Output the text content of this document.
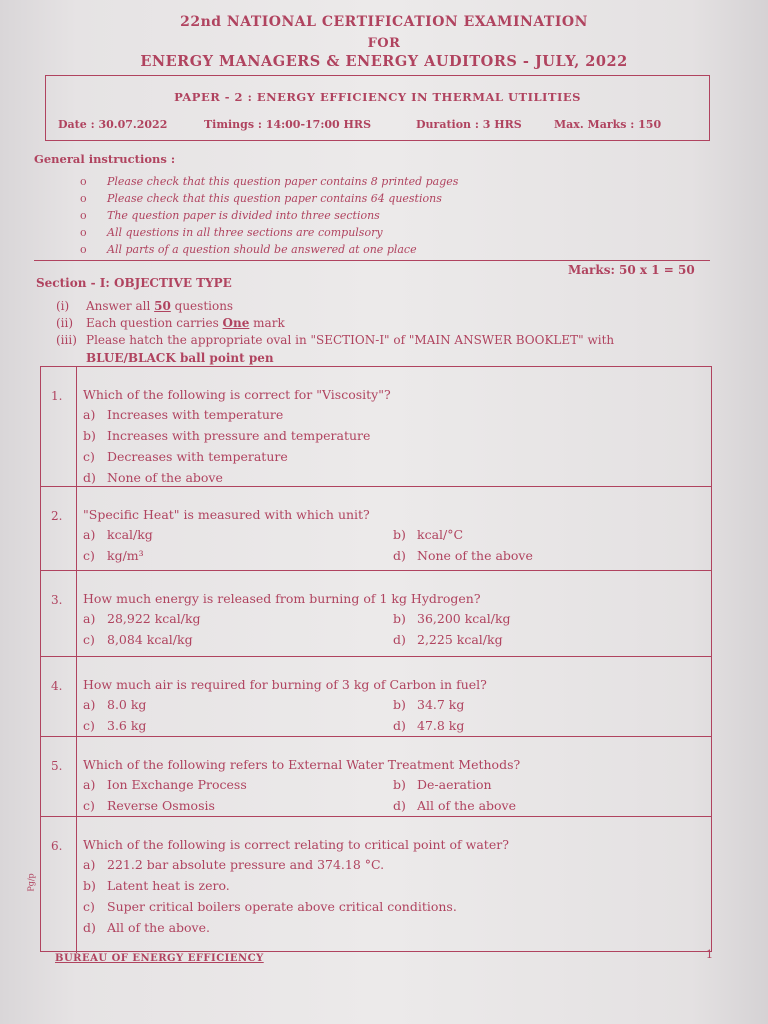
22nd NATIONAL CERTIFICATION EXAMINATION
FOR
ENERGY MANAGERS & ENERGY AUDITORS - JULY, 2022
PAPER - 2 : ENERGY EFFICIENCY IN THERMAL UTILITIES
Date : 30.07.2022	Timings : 14:00-17:00 HRS	Duration : 3 HRS	Max. Marks : 150
General instructions :
o Please check that this question paper contains 8 printed pages
o Please check that this question paper contains 64 questions
o The question paper is divided into three sections
o All questions in all three sections are compulsory
o All parts of a question should be answered at one place
Section - I: OBJECTIVE TYPE
Marks: 50 x 1 = 50
(i) Answer all 50 questions
(ii) Each question carries One mark
(iii) Please hatch the appropriate oval in "SECTION-I" of "MAIN ANSWER BOOKLET" with
BLUE/BLACK ball point pen
1. Which of the following is correct for "Viscosity"?
a) Increases with temperature
b) Increases with pressure and temperature
c) Decreases with temperature
d) None of the above
2. "Specific Heat" is measured with which unit?
a) kcal/kg	b) kcal/°C
c) kg/m³	d) None of the above
3. How much energy is released from burning of 1 kg Hydrogen?
a) 28,922 kcal/kg	b) 36,200 kcal/kg
c) 8,084 kcal/kg	d) 2,225 kcal/kg
4. How much air is required for burning of 3 kg of Carbon in fuel?
a) 8.0 kg	b) 34.7 kg
c) 3.6 kg	d) 47.8 kg
5. Which of the following refers to External Water Treatment Methods?
a) Ion Exchange Process	b) De-aeration
c) Reverse Osmosis	d) All of the above
6. Which of the following is correct relating to critical point of water?
a) 221.2 bar absolute pressure and 374.18 °C.
b) Latent heat is zero.
c) Super critical boilers operate above critical conditions.
d) All of the above.
Pg/p
BUREAU OF ENERGY EFFICIENCY	1
